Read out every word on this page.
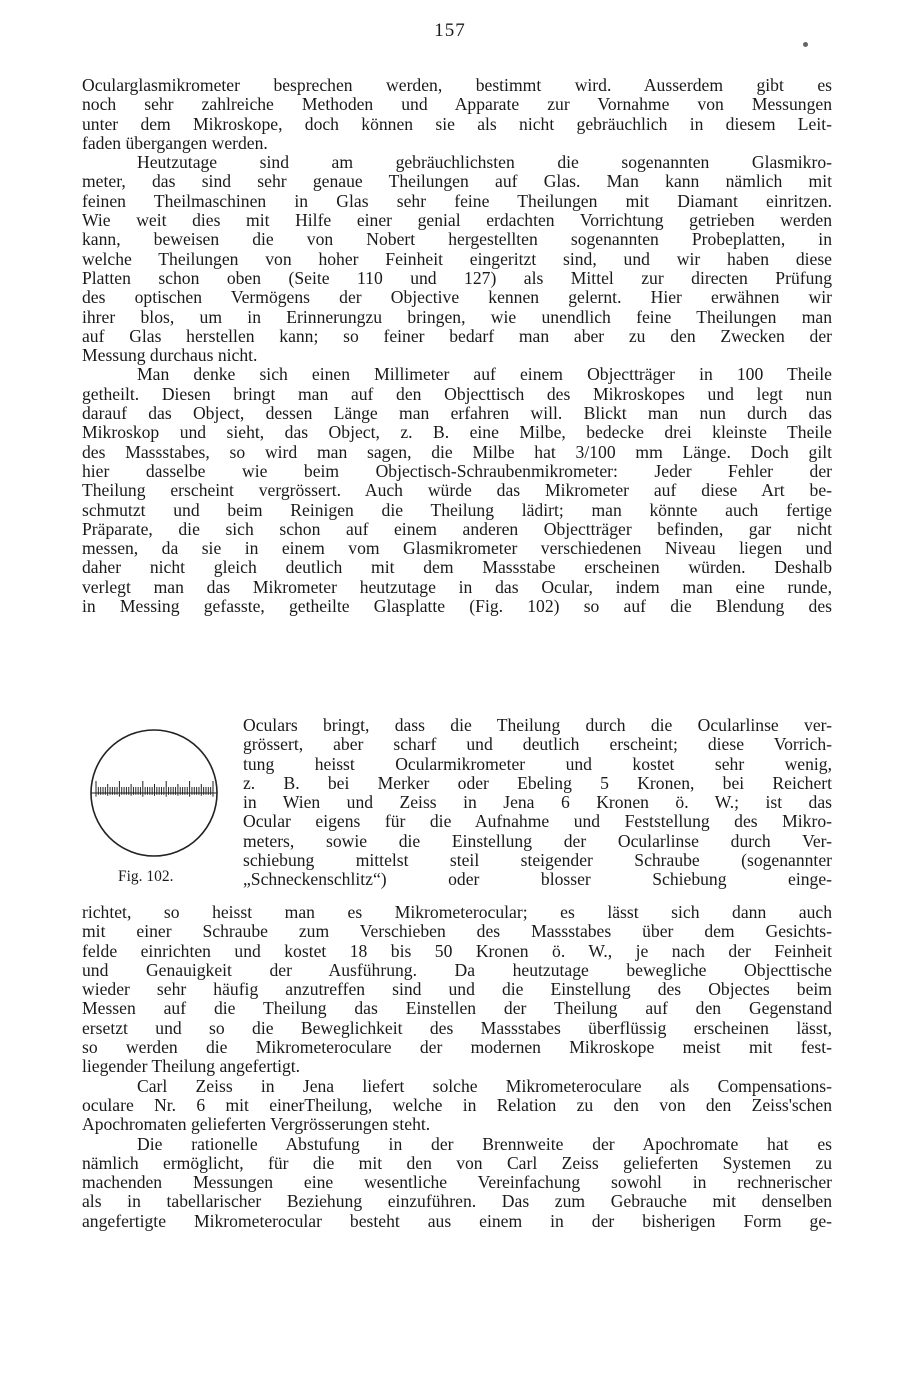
157
Ocularglasmikrometer besprechen werden, bestimmt wird. Ausserdem gibt es
noch sehr zahlreiche Methoden und Apparate zur Vornahme von Messungen
unter dem Mikroskope, doch können sie als nicht gebräuchlich in diesem Leit-
faden übergangen werden.
Heutzutage sind am gebräuchlichsten die sogenannten Glasmikro-
meter, das sind sehr genaue Theilungen auf Glas. Man kann nämlich mit
feinen Theilmaschinen in Glas sehr feine Theilungen mit Diamant einritzen.
Wie weit dies mit Hilfe einer genial erdachten Vorrichtung getrieben werden
kann, beweisen die von Nobert hergestellten sogenannten Probeplatten, in
welche Theilungen von hoher Feinheit eingeritzt sind, und wir haben diese
Platten schon oben (Seite 110 und 127) als Mittel zur directen Prüfung
des optischen Vermögens der Objective kennen gelernt. Hier erwähnen wir
ihrer blos, um in Erinnerungzu bringen, wie unendlich feine Theilungen man
auf Glas herstellen kann; so feiner bedarf man aber zu den Zwecken der
Messung durchaus nicht.
Man denke sich einen Millimeter auf einem Objectträger in 100 Theile
getheilt. Diesen bringt man auf den Objecttisch des Mikroskopes und legt nun
darauf das Object, dessen Länge man erfahren will. Blickt man nun durch das
Mikroskop und sieht, das Object, z. B. eine Milbe, bedecke drei kleinste Theile
des Massstabes, so wird man sagen, die Milbe hat 3/100 mm Länge. Doch gilt
hier dasselbe wie beim Objectisch-Schraubenmikrometer: Jeder Fehler der
Theilung erscheint vergrössert. Auch würde das Mikrometer auf diese Art be-
schmutzt und beim Reinigen die Theilung lädirt; man könnte auch fertige
Präparate, die sich schon auf einem anderen Objectträger befinden, gar nicht
messen, da sie in einem vom Glasmikrometer verschiedenen Niveau liegen und
daher nicht gleich deutlich mit dem Massstabe erscheinen würden. Deshalb
verlegt man das Mikrometer heutzutage in das Ocular, indem man eine runde,
in Messing gefasste, getheilte Glasplatte (Fig. 102) so auf die Blendung des
Fig. 102.
Oculars bringt, dass die Theilung durch die Ocularlinse ver-
grössert, aber scharf und deutlich erscheint; diese Vorrich-
tung heisst Ocularmikrometer und kostet sehr wenig,
z. B. bei Merker oder Ebeling 5 Kronen, bei Reichert
in Wien und Zeiss in Jena 6 Kronen ö. W.; ist das
Ocular eigens für die Aufnahme und Feststellung des Mikro-
meters, sowie die Einstellung der Ocularlinse durch Ver-
schiebung mittelst steil steigender Schraube (sogenannter
„Schneckenschlitz“) oder blosser Schiebung einge-
richtet, so heisst man es Mikrometerocular; es lässt sich dann auch
mit einer Schraube zum Verschieben des Massstabes über dem Gesichts-
felde einrichten und kostet 18 bis 50 Kronen ö. W., je nach der Feinheit
und Genauigkeit der Ausführung. Da heutzutage bewegliche Objecttische
wieder sehr häufig anzutreffen sind und die Einstellung des Objectes beim
Messen auf die Theilung das Einstellen der Theilung auf den Gegenstand
ersetzt und so die Beweglichkeit des Massstabes überflüssig erscheinen lässt,
so werden die Mikrometeroculare der modernen Mikroskope meist mit fest-
liegender Theilung angefertigt.
Carl Zeiss in Jena liefert solche Mikrometeroculare als Compensations-
oculare Nr. 6 mit einerTheilung, welche in Relation zu den von den Zeiss'schen
Apochromaten gelieferten Vergrösserungen steht.
Die rationelle Abstufung in der Brennweite der Apochromate hat es
nämlich ermöglicht, für die mit den von Carl Zeiss gelieferten Systemen zu
machenden Messungen eine wesentliche Vereinfachung sowohl in rechnerischer
als in tabellarischer Beziehung einzuführen. Das zum Gebrauche mit denselben
angefertigte Mikrometerocular besteht aus einem in der bisherigen Form ge-
